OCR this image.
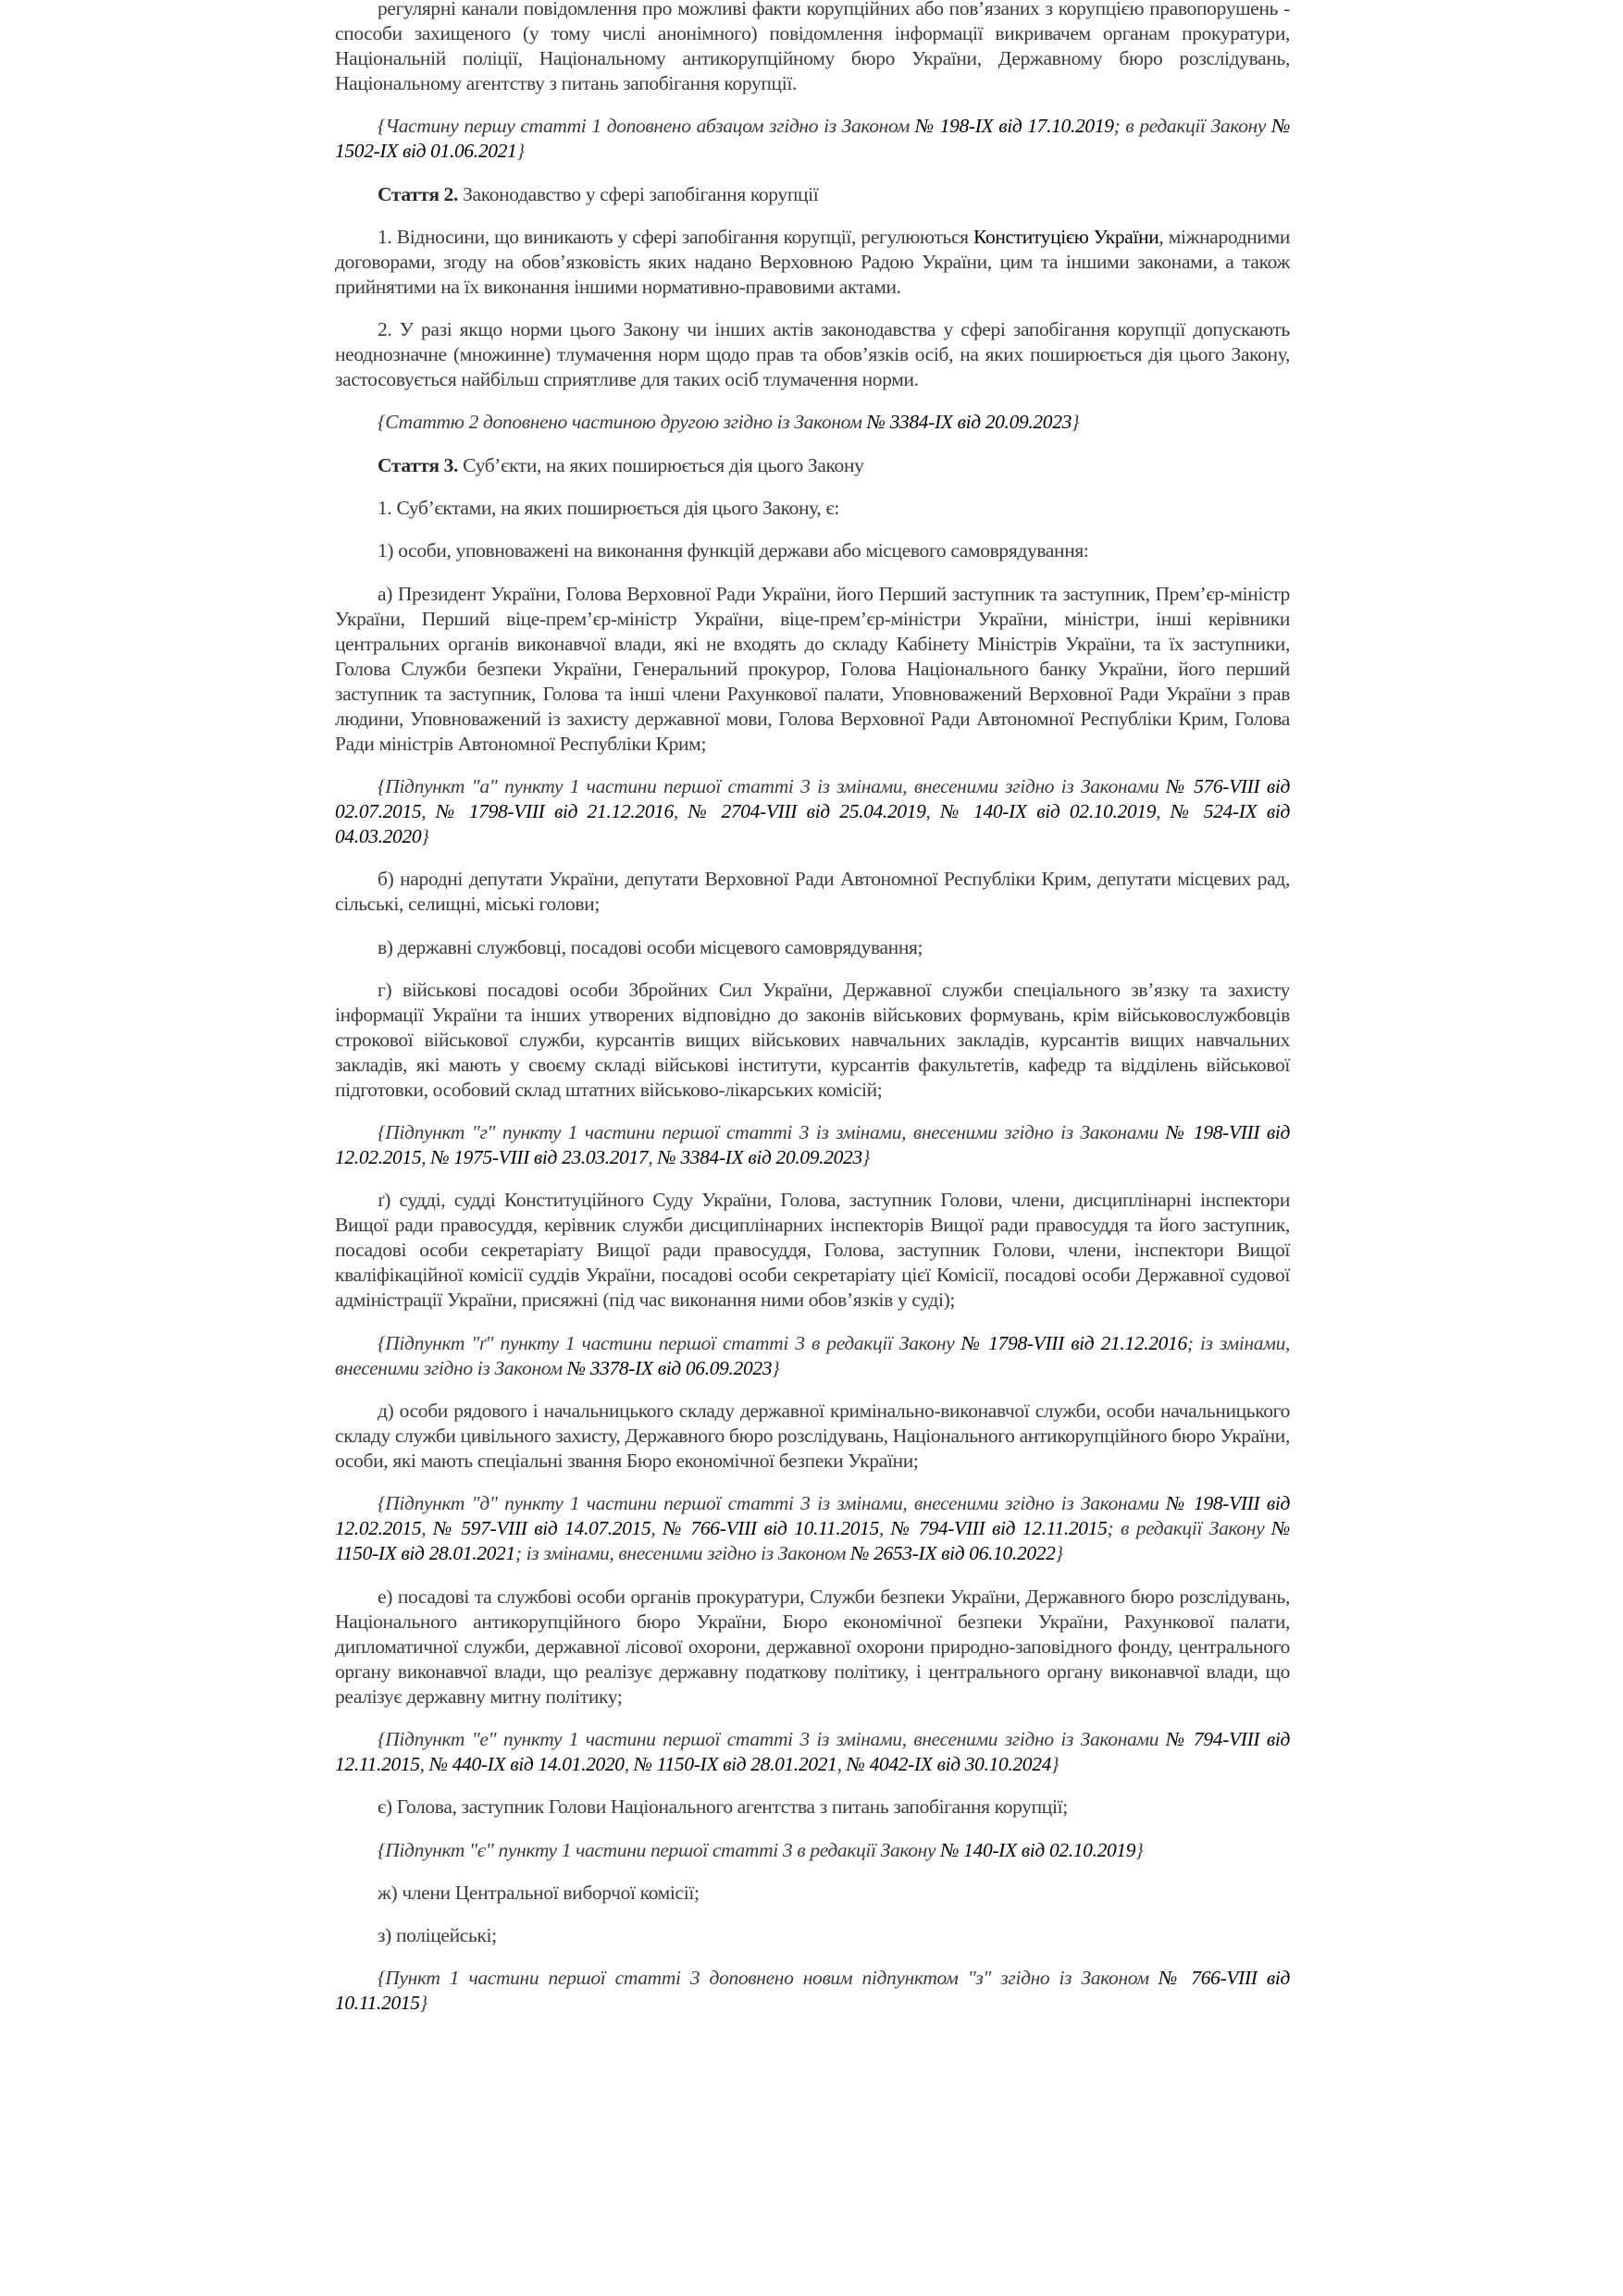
регулярні канали повідомлення про можливі факти корупційних або пов’язаних з корупцією правопорушень - способи захищеного (у тому числі анонімного) повідомлення інформації викривачем органам прокуратури, Національній поліції, Національному антикорупційному бюро України, Державному бюро розслідувань, Національному агентству з питань запобігання корупції.

{Частину першу статті 1 доповнено абзацом згідно із Законом № 198-IX від 17.10.2019; в редакції Закону № 1502-IX від 01.06.2021}

Стаття 2. Законодавство у сфері запобігання корупції

1. Відносини, що виникають у сфері запобігання корупції, регулюються Конституцією України, міжнародними договорами, згоду на обов’язковість яких надано Верховною Радою України, цим та іншими законами, а також прийнятими на їх виконання іншими нормативно-правовими актами.

2. У разі якщо норми цього Закону чи інших актів законодавства у сфері запобігання корупції допускають неоднозначне (множинне) тлумачення норм щодо прав та обов’язків осіб, на яких поширюється дія цього Закону, застосовується найбільш сприятливе для таких осіб тлумачення норми.

{Статтю 2 доповнено частиною другою згідно із Законом № 3384-IX від 20.09.2023}

Стаття 3. Суб’єкти, на яких поширюється дія цього Закону

1. Суб’єктами, на яких поширюється дія цього Закону, є:

1) особи, уповноважені на виконання функцій держави або місцевого самоврядування:

а) Президент України, Голова Верховної Ради України, його Перший заступник та заступник, Прем’єр-міністр України, Перший віце-прем’єр-міністр України, віце-прем’єр-міністри України, міністри, інші керівники центральних органів виконавчої влади, які не входять до складу Кабінету Міністрів України, та їх заступники, Голова Служби безпеки України, Генеральний прокурор, Голова Національного банку України, його перший заступник та заступник, Голова та інші члени Рахункової палати, Уповноважений Верховної Ради України з прав людини, Уповноважений із захисту державної мови, Голова Верховної Ради Автономної Республіки Крим, Голова Ради міністрів Автономної Республіки Крим;

{Підпункт "а" пункту 1 частини першої статті 3 із змінами, внесеними згідно із Законами № 576-VIII від 02.07.2015, № 1798-VIII від 21.12.2016, № 2704-VIII від 25.04.2019, № 140-IX від 02.10.2019, № 524-IX від 04.03.2020}

б) народні депутати України, депутати Верховної Ради Автономної Республіки Крим, депутати місцевих рад, сільські, селищні, міські голови;

в) державні службовці, посадові особи місцевого самоврядування;

г) військові посадові особи Збройних Сил України, Державної служби спеціального зв’язку та захисту інформації України та інших утворених відповідно до законів військових формувань, крім військовослужбовців строкової військової служби, курсантів вищих військових навчальних закладів, курсантів вищих навчальних закладів, які мають у своєму складі військові інститути, курсантів факультетів, кафедр та відділень військової підготовки, особовий склад штатних військово-лікарських комісій;

{Підпункт "г" пункту 1 частини першої статті 3 із змінами, внесеними згідно із Законами № 198-VIII від 12.02.2015, № 1975-VIII від 23.03.2017, № 3384-IX від 20.09.2023}

ґ) судді, судді Конституційного Суду України, Голова, заступник Голови, члени, дисциплінарні інспектори Вищої ради правосуддя, керівник служби дисциплінарних інспекторів Вищої ради правосуддя та його заступник, посадові особи секретаріату Вищої ради правосуддя, Голова, заступник Голови, члени, інспектори Вищої кваліфікаційної комісії суддів України, посадові особи секретаріату цієї Комісії, посадові особи Державної судової адміністрації України, присяжні (під час виконання ними обов’язків у суді);

{Підпункт "ґ" пункту 1 частини першої статті 3 в редакції Закону № 1798-VIII від 21.12.2016; із змінами, внесеними згідно із Законом № 3378-IX від 06.09.2023}

д) особи рядового і начальницького складу державної кримінально-виконавчої служби, особи начальницького складу служби цивільного захисту, Державного бюро розслідувань, Національного антикорупційного бюро України, особи, які мають спеціальні звання Бюро економічної безпеки України;

{Підпункт "д" пункту 1 частини першої статті 3 із змінами, внесеними згідно із Законами № 198-VIII від 12.02.2015, № 597-VIII від 14.07.2015, № 766-VIII від 10.11.2015, № 794-VIII від 12.11.2015; в редакції Закону № 1150-IX від 28.01.2021; із змінами, внесеними згідно із Законом № 2653-IX від 06.10.2022}

е) посадові та службові особи органів прокуратури, Служби безпеки України, Державного бюро розслідувань, Національного антикорупційного бюро України, Бюро економічної безпеки України, Рахункової палати, дипломатичної служби, державної лісової охорони, державної охорони природно-заповідного фонду, центрального органу виконавчої влади, що реалізує державну податкову політику, і центрального органу виконавчої влади, що реалізує державну митну політику;

{Підпункт "е" пункту 1 частини першої статті 3 із змінами, внесеними згідно із Законами № 794-VIII від 12.11.2015, № 440-IX від 14.01.2020, № 1150-IX від 28.01.2021, № 4042-IX від 30.10.2024}

є) Голова, заступник Голови Національного агентства з питань запобігання корупції;

{Підпункт "є" пункту 1 частини першої статті 3 в редакції Закону № 140-IX від 02.10.2019}

ж) члени Центральної виборчої комісії;

з) поліцейські;

{Пункт 1 частини першої статті 3 доповнено новим підпунктом "з" згідно із Законом № 766-VIII від 10.11.2015}
